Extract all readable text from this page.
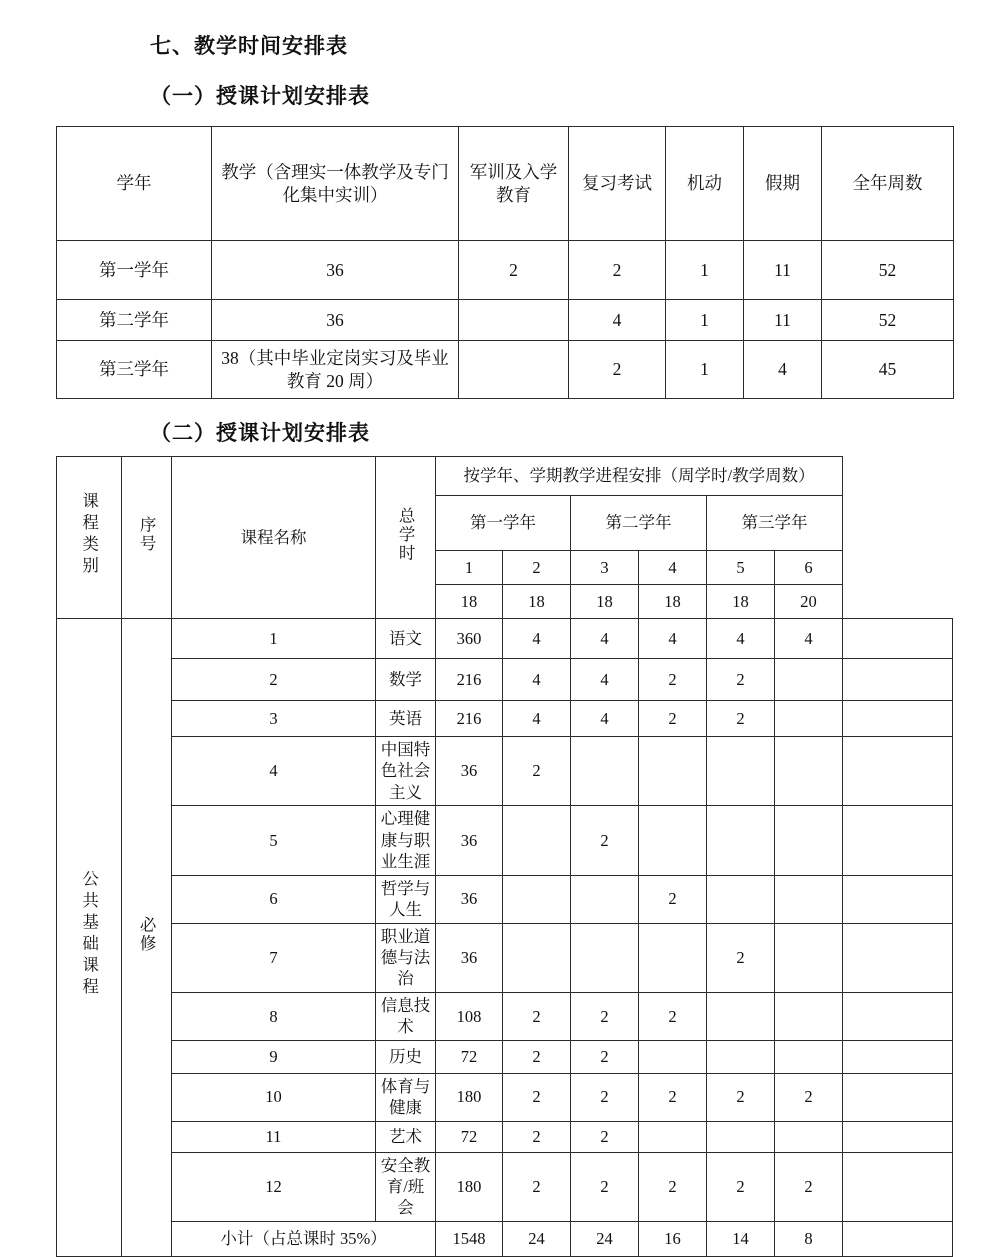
七、教学时间安排表
（一）授课计划安排表
学年	教学（含理实一体教学及专门化集中实训）	军训及入学教育	复习考试	机动	假期	全年周数
第一学年	36	2	2	1	11	52
第二学年	36		4	1	11	52
第三学年	38（其中毕业定岗实习及毕业教育 20 周）		2	1	4	45
（二）授课计划安排表
课程类别	序号	课程名称	总学时	按学年、学期教学进程安排（周学时/教学周数）						
				第一学年		第二学年		第三学年		
				1	2	3	4	5	6	
				18	18	18	18	18	20	
公共基础课程	必修	1	语文	360	4	4	4	4	4	
		2	数学	216	4	4	2	2		
		3	英语	216	4	4	2	2		
		4	中国特色社会主义	36	2					
		5	心理健康与职业生涯	36		2				
		6	哲学与人生	36			2			
		7	职业道德与法治	36				2		
		8	信息技术	108	2	2	2			
		9	历史	72	2	2				
		10	体育与健康	180	2	2	2	2	2	
		11	艺术	72	2	2				
		12	安全教育/班会	180	2	2	2	2	2	
		小计（占总课时 35%）		1548	24	24	16	14	8	
